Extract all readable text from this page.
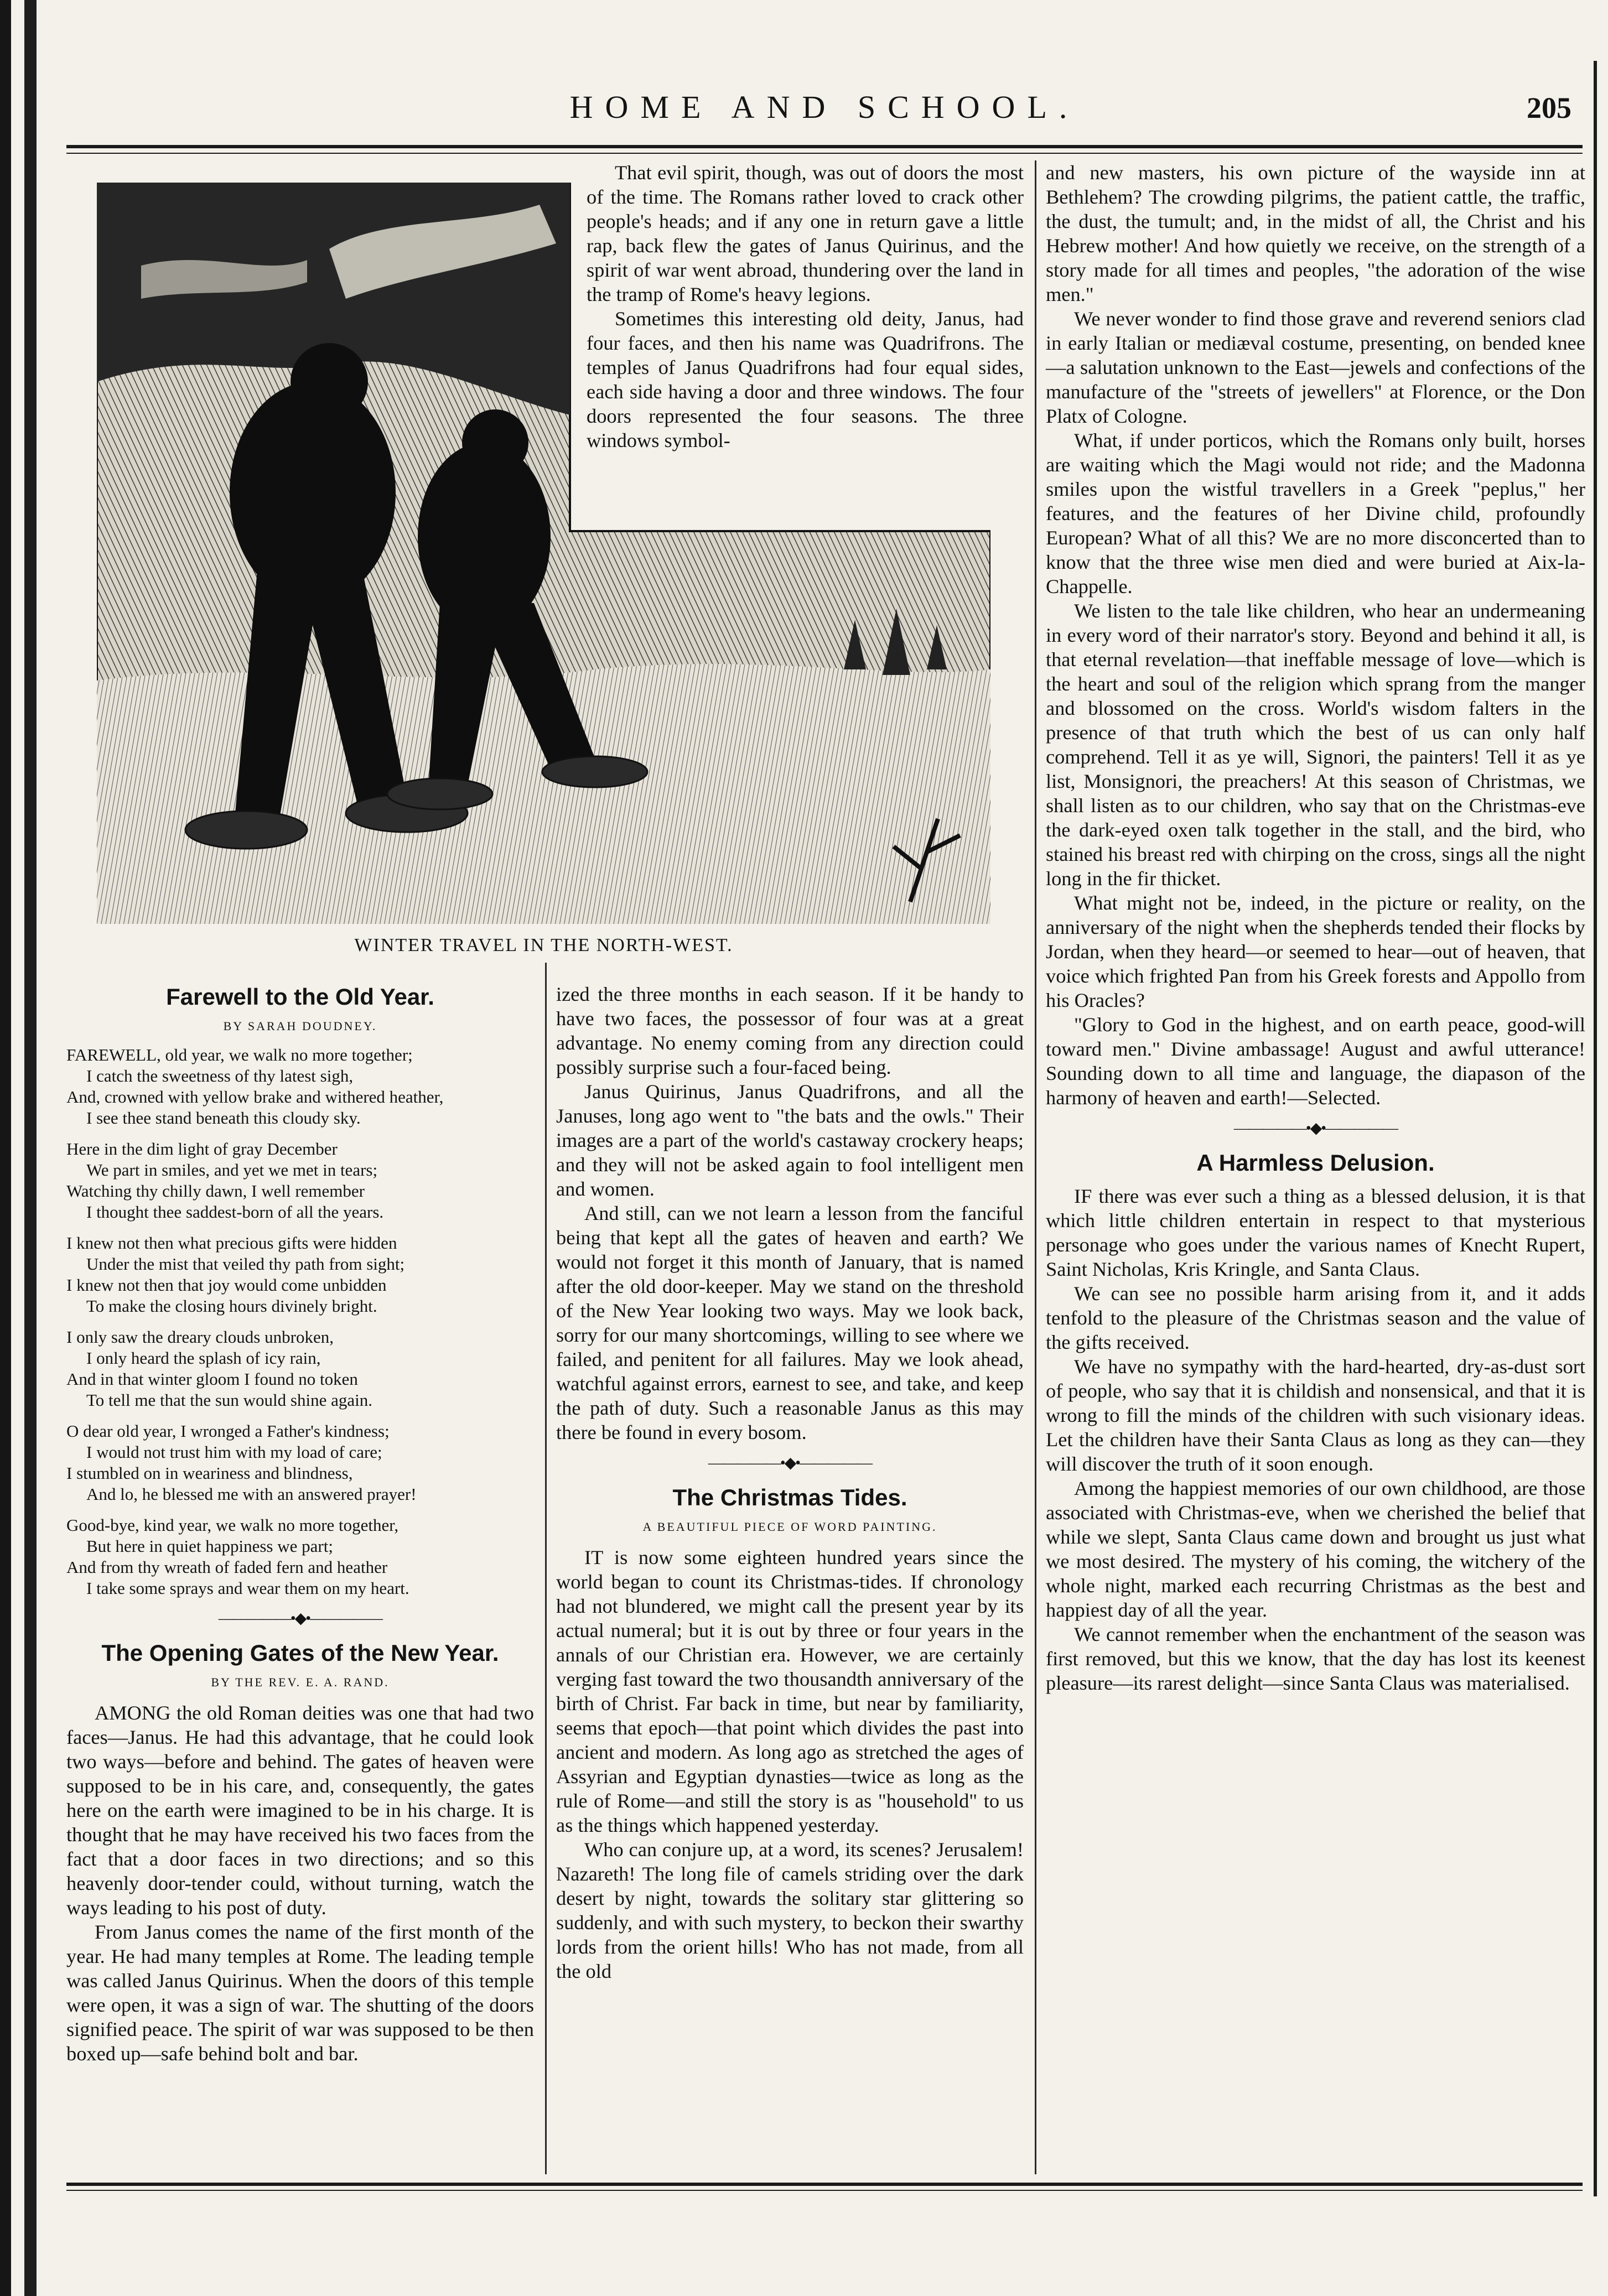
HOME AND SCHOOL.	205
WINTER TRAVEL IN THE NORTH-WEST.

That evil spirit, though, was out of doors the most of the time. The Romans rather loved to crack other people's heads; and if any one in return gave a little rap, back flew the gates of Janus Quirinus, and the spirit of war went abroad, thundering over the land in the tramp of Rome's heavy legions.

Sometimes this interesting old deity, Janus, had four faces, and then his name was Quadrifrons. The temples of Janus Quadrifrons had four equal sides, each side having a door and three windows. The four doors represented the four seasons. The three windows symbol-

Farewell to the Old Year.
BY SARAH DOUDNEY.
FAREWELL, old year, we walk no more together;
I catch the sweetness of thy latest sigh,
And, crowned with yellow brake and withered heather,
I see thee stand beneath this cloudy sky.
Here in the dim light of gray December
We part in smiles, and yet we met in tears;
Watching thy chilly dawn, I well remember
I thought thee saddest-born of all the years.
I knew not then what precious gifts were hidden
Under the mist that veiled thy path from sight;
I knew not then that joy would come unbidden
To make the closing hours divinely bright.
I only saw the dreary clouds unbroken,
I only heard the splash of icy rain,
And in that winter gloom I found no token
To tell me that the sun would shine again.
O dear old year, I wronged a Father's kindness;
I would not trust him with my load of care;
I stumbled on in weariness and blindness,
And lo, he blessed me with an answered prayer!
Good-bye, kind year, we walk no more together,
But here in quiet happiness we part;
And from thy wreath of faded fern and heather
I take some sprays and wear them on my heart.
—————•◆•—————
The Opening Gates of the New Year.
BY THE REV. E. A. RAND.

AMONG the old Roman deities was one that had two faces—Janus. He had this advantage, that he could look two ways—before and behind. The gates of heaven were supposed to be in his care, and, consequently, the gates here on the earth were imagined to be in his charge. It is thought that he may have received his two faces from the fact that a door faces in two directions; and so this heavenly door-tender could, without turning, watch the ways leading to his post of duty.

From Janus comes the name of the first month of the year. He had many temples at Rome. The leading temple was called Janus Quirinus. When the doors of this temple were open, it was a sign of war. The shutting of the doors signified peace. The spirit of war was supposed to be then boxed up—safe behind bolt and bar.

ized the three months in each season. If it be handy to have two faces, the possessor of four was at a great advantage. No enemy coming from any direction could possibly surprise such a four-faced being.

Janus Quirinus, Janus Quadrifrons, and all the Januses, long ago went to "the bats and the owls." Their images are a part of the world's castaway crockery heaps; and they will not be asked again to fool intelligent men and women.

And still, can we not learn a lesson from the fanciful being that kept all the gates of heaven and earth? We would not forget it this month of January, that is named after the old door-keeper. May we stand on the threshold of the New Year looking two ways. May we look back, sorry for our many shortcomings, willing to see where we failed, and penitent for all failures. May we look ahead, watchful against errors, earnest to see, and take, and keep the path of duty. Such a reasonable Janus as this may there be found in every bosom.

—————•◆•—————
The Christmas Tides.
A BEAUTIFUL PIECE OF WORD PAINTING.

IT is now some eighteen hundred years since the world began to count its Christmas-tides. If chronology had not blundered, we might call the present year by its actual numeral; but it is out by three or four years in the annals of our Christian era. However, we are certainly verging fast toward the two thousandth anniversary of the birth of Christ. Far back in time, but near by familiarity, seems that epoch—that point which divides the past into ancient and modern. As long ago as stretched the ages of Assyrian and Egyptian dynasties—twice as long as the rule of Rome—and still the story is as "household" to us as the things which happened yesterday.

Who can conjure up, at a word, its scenes? Jerusalem! Nazareth! The long file of camels striding over the dark desert by night, towards the solitary star glittering so suddenly, and with such mystery, to beckon their swarthy lords from the orient hills! Who has not made, from all the old

and new masters, his own picture of the wayside inn at Bethlehem? The crowding pilgrims, the patient cattle, the traffic, the dust, the tumult; and, in the midst of all, the Christ and his Hebrew mother! And how quietly we receive, on the strength of a story made for all times and peoples, "the adoration of the wise men."

We never wonder to find those grave and reverend seniors clad in early Italian or mediæval costume, presenting, on bended knee—a salutation unknown to the East—jewels and confections of the manufacture of the "streets of jewellers" at Florence, or the Don Platx of Cologne.

What, if under porticos, which the Romans only built, horses are waiting which the Magi would not ride; and the Madonna smiles upon the wistful travellers in a Greek "peplus," her features, and the features of her Divine child, profoundly European? What of all this? We are no more disconcerted than to know that the three wise men died and were buried at Aix-la-Chappelle.

We listen to the tale like children, who hear an undermeaning in every word of their narrator's story. Beyond and behind it all, is that eternal revelation—that ineffable message of love—which is the heart and soul of the religion which sprang from the manger and blossomed on the cross. World's wisdom falters in the presence of that truth which the best of us can only half comprehend. Tell it as ye will, Signori, the painters! Tell it as ye list, Monsignori, the preachers! At this season of Christmas, we shall listen as to our children, who say that on the Christmas-eve the dark-eyed oxen talk together in the stall, and the bird, who stained his breast red with chirping on the cross, sings all the night long in the fir thicket.

What might not be, indeed, in the picture or reality, on the anniversary of the night when the shepherds tended their flocks by Jordan, when they heard—or seemed to hear—out of heaven, that voice which frighted Pan from his Greek forests and Appollo from his Oracles?

"Glory to God in the highest, and on earth peace, good-will toward men." Divine ambassage! August and awful utterance! Sounding down to all time and language, the diapason of the harmony of heaven and earth!—Selected.

—————•◆•—————
A Harmless Delusion.

IF there was ever such a thing as a blessed delusion, it is that which little children entertain in respect to that mysterious personage who goes under the various names of Knecht Rupert, Saint Nicholas, Kris Kringle, and Santa Claus.

We can see no possible harm arising from it, and it adds tenfold to the pleasure of the Christmas season and the value of the gifts received.

We have no sympathy with the hard-hearted, dry-as-dust sort of people, who say that it is childish and nonsensical, and that it is wrong to fill the minds of the children with such visionary ideas. Let the children have their Santa Claus as long as they can—they will discover the truth of it soon enough.

Among the happiest memories of our own childhood, are those associated with Christmas-eve, when we cherished the belief that while we slept, Santa Claus came down and brought us just what we most desired. The mystery of his coming, the witchery of the whole night, marked each recurring Christmas as the best and happiest day of all the year.

We cannot remember when the enchantment of the season was first removed, but this we know, that the day has lost its keenest pleasure—its rarest delight—since Santa Claus was materialised.
